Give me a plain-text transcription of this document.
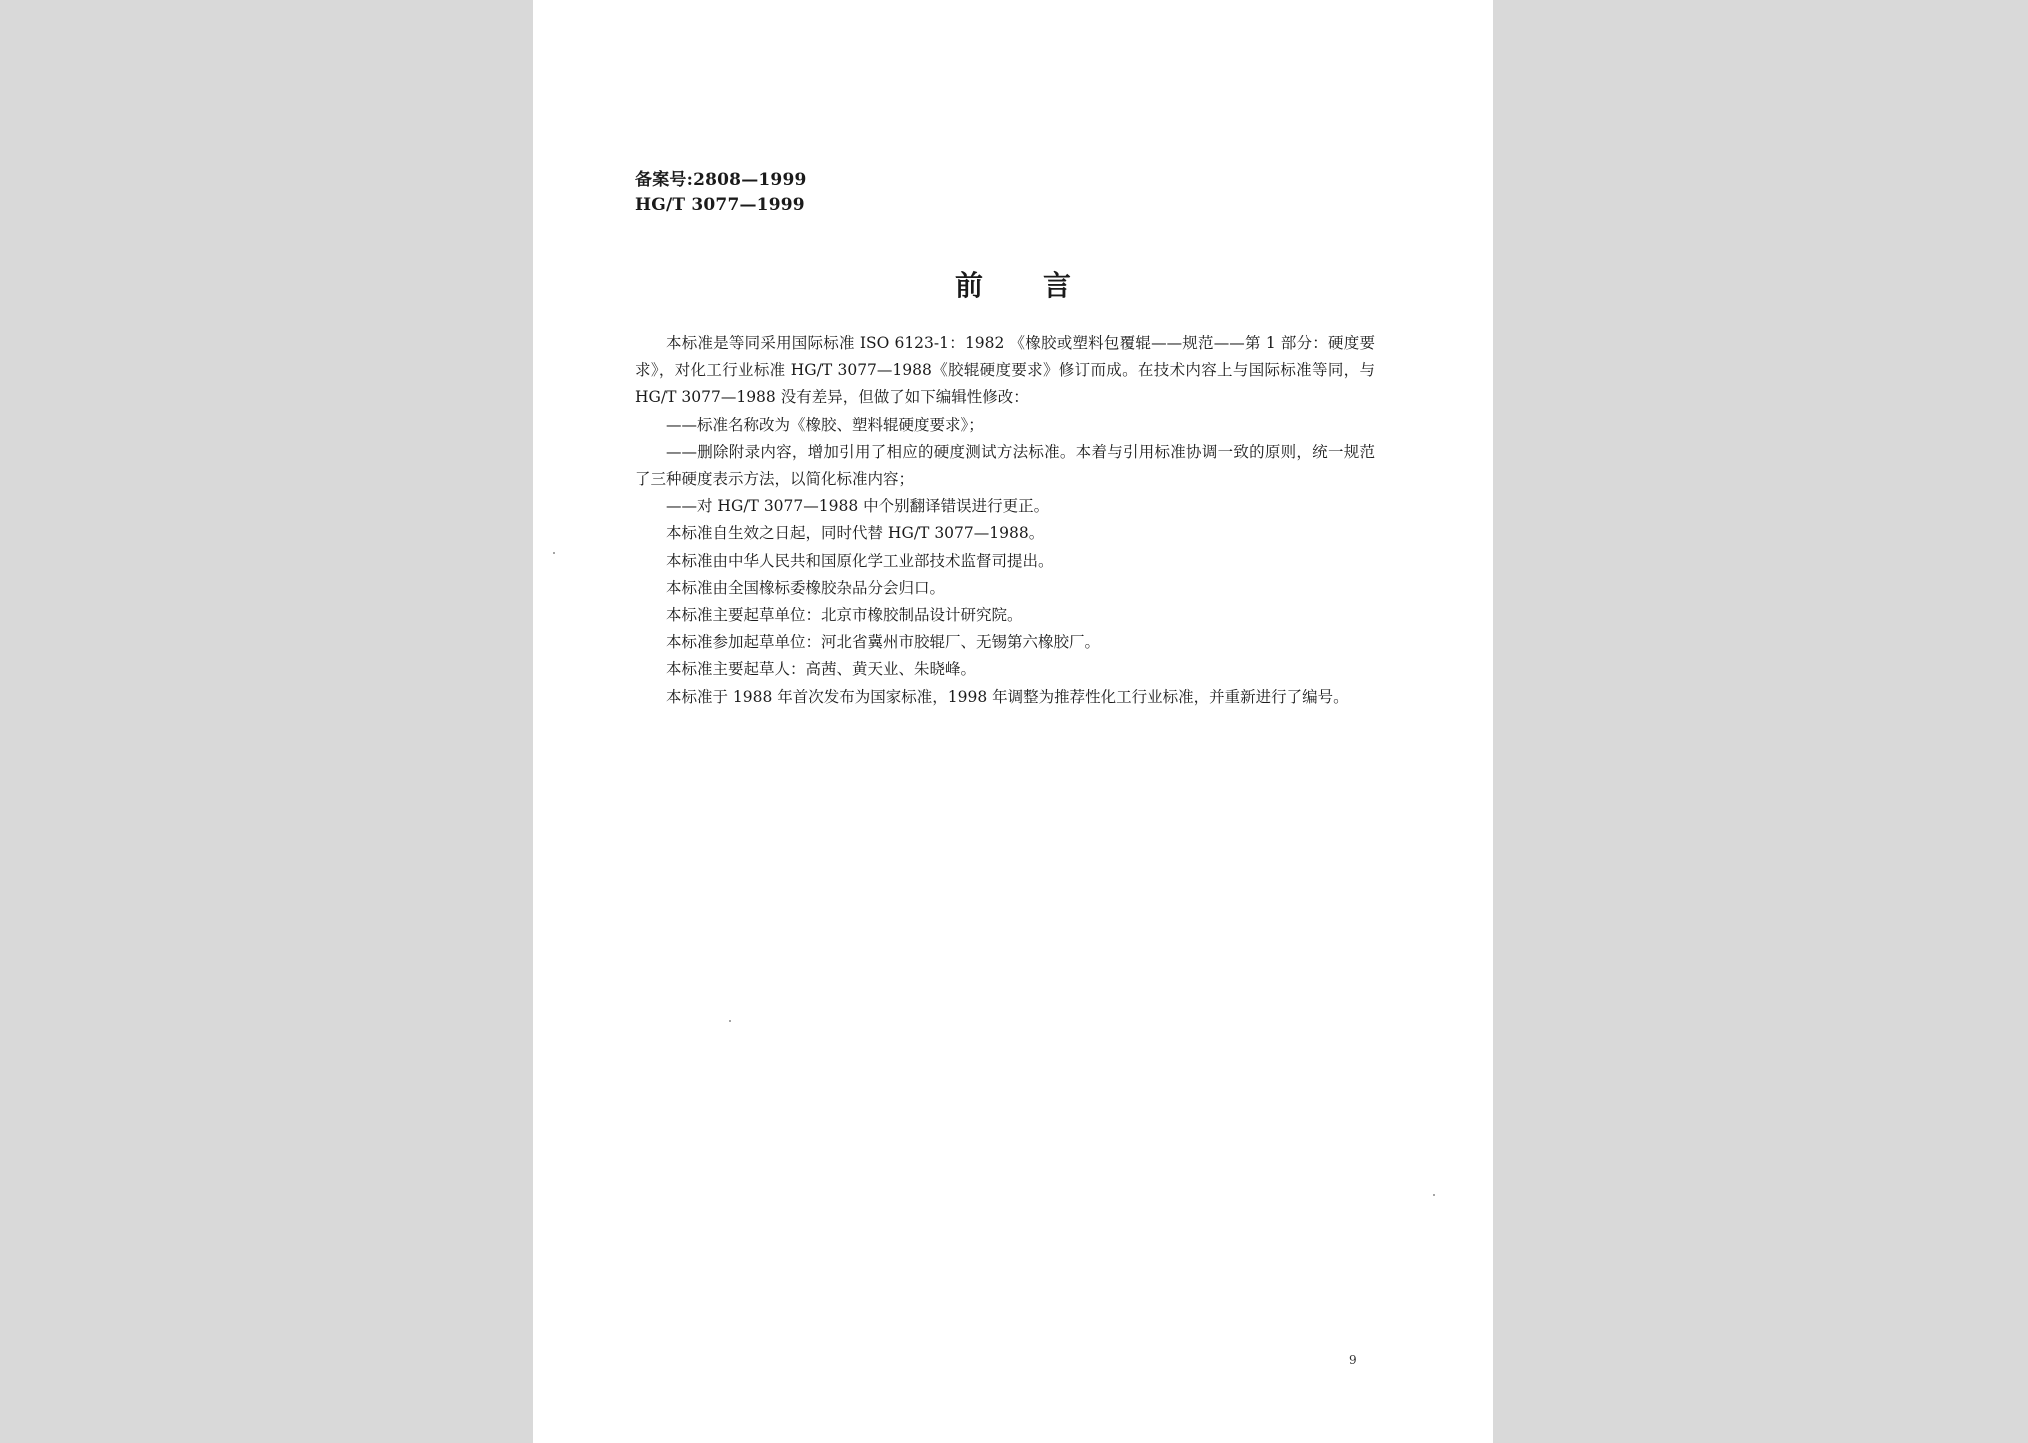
备案号:2808—1999
HG/T 3077—1999
前 言

本标准是等同采用国际标准 ISO 6123-1：1982 《橡胶或塑料包覆辊——规范——第 1 部分：硬度要求》，对化工行业标准 HG/T 3077—1988《胶辊硬度要求》修订而成。在技术内容上与国际标准等同，与 HG/T 3077—1988 没有差异，但做了如下编辑性修改：

——标准名称改为《橡胶、塑料辊硬度要求》；

——删除附录内容，增加引用了相应的硬度测试方法标准。本着与引用标准协调一致的原则，统一规范了三种硬度表示方法，以简化标准内容；

——对 HG/T 3077—1988 中个别翻译错误进行更正。

本标准自生效之日起，同时代替 HG/T 3077—1988。

本标准由中华人民共和国原化学工业部技术监督司提出。

本标准由全国橡标委橡胶杂品分会归口。

本标准主要起草单位：北京市橡胶制品设计研究院。

本标准参加起草单位：河北省冀州市胶辊厂、无锡第六橡胶厂。

本标准主要起草人：高茜、黄天业、朱晓峰。

本标准于 1988 年首次发布为国家标准，1998 年调整为推荐性化工行业标准，并重新进行了编号。

9
